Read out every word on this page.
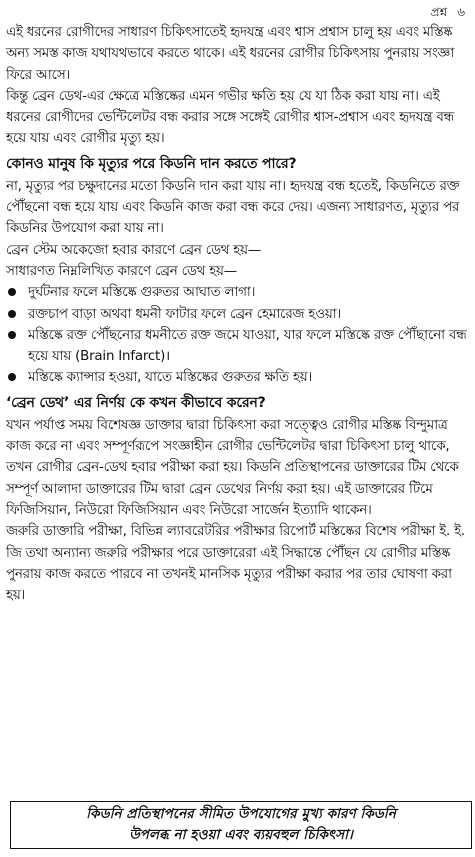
প্রশ্ন ৬

এই ধরনের রোগীদের সাধারণ চিকিৎসাতেই হৃদযন্ত্র এবং শ্বাস প্রশ্বাস চালু হয় এবং মস্তিষ্ক অন্য সমস্ত কাজ যথাযথভাবে করতে থাকে। এই ধরনের রোগীর চিকিৎসায় পুনরায় সংজ্ঞা ফিরে আসে।

কিন্তু ব্রেন ডেথ-এর ক্ষেত্রে মস্তিষ্কের এমন গভীর ক্ষতি হয় যে যা ঠিক করা যায় না। এই ধরনের রোগীদের ভেন্টিলেটর বন্ধ করার সঙ্গে সঙ্গেই রোগীর শ্বাস-প্রশ্বাস এবং হৃদযন্ত্র বন্ধ হয়ে যায় এবং রোগীর মৃত্যু হয়।

কোনও মানুষ কি মৃত্যুর পরে কিডনি দান করতে পারে?

না, মৃত্যুর পর চক্ষুদানের মতো কিডনি দান করা যায় না। হৃদযন্ত্র বন্ধ হতেই, কিডনিতে রক্ত পৌঁছনো বন্ধ হয়ে যায় এবং কিডনি কাজ করা বন্ধ করে দেয়। এজন্য সাধারণত, মৃত্যুর পর কিডনির উপযোগ করা যায় না।

ব্রেন স্টেম অকেজো হবার কারণে ব্রেন ডেথ হয়—

সাধারণত নিম্নলিখিত কারণে ব্রেন ডেথ হয়—

দুর্ঘটনার ফলে মস্তিষ্কে গুরুতর আঘাত লাগা।
রক্তচাপ বাড়া অথবা ধমনী ফাটার ফলে ব্রেন হেমারেজ হওয়া।
মস্তিষ্কে রক্ত পৌঁছনোর ধমনীতে রক্ত জমে যাওয়া, যার ফলে মস্তিষ্কে রক্ত পৌঁছানো বন্ধ হয়ে যায় (Brain Infarct)।
মস্তিষ্কে ক্যান্সার হওয়া, যাতে মস্তিষ্কের গুরুতর ক্ষতি হয়।
‘ব্রেন ডেথ’ এর নির্ণয় কে কখন কীভাবে করেন?

যখন পর্যাপ্ত সময় বিশেষজ্ঞ ডাক্তার দ্বারা চিকিৎসা করা সত্ত্বেও রোগীর মস্তিষ্ক বিন্দুমাত্র কাজ করে না এবং সম্পূর্ণরূপে সংজ্ঞাহীন রোগীর ভেন্টিলেটর দ্বারা চিকিৎসা চালু থাকে, তখন রোগীর ব্রেন-ডেথ হবার পরীক্ষা করা হয়। কিডনি প্রতিস্থাপনের ডাক্তারের টিম থেকে সম্পূর্ণ আলাদা ডাক্তারের টিম দ্বারা ব্রেন ডেথের নির্ণয় করা হয়। এই ডাক্তারের টিমে ফিজিসিয়ান, নিউরো ফিজিসিয়ান এবং নিউরো সার্জেন ইত্যাদি থাকেন।

জরুরি ডাক্তারি পরীক্ষা, বিভিন্ন ল্যাবরেটরির পরীক্ষার রিপোর্ট মস্তিষ্কের বিশেষ পরীক্ষা ই. ই. জি তথা অন্যান্য জরুরি পরীক্ষার পরে ডাক্তারেরা এই সিদ্ধান্তে পৌঁছন যে রোগীর মস্তিষ্ক পুনরায় কাজ করতে পারবে না তখনই মানসিক মৃত্যুর পরীক্ষা করার পর তার ঘোষণা করা হয়।

কিডনি প্রতিস্থাপনের সীমিত উপযোগের মুখ্য কারণ কিডনি
উপলব্ধ না হওয়া এবং ব্যয়বহুল চিকিৎসা।
